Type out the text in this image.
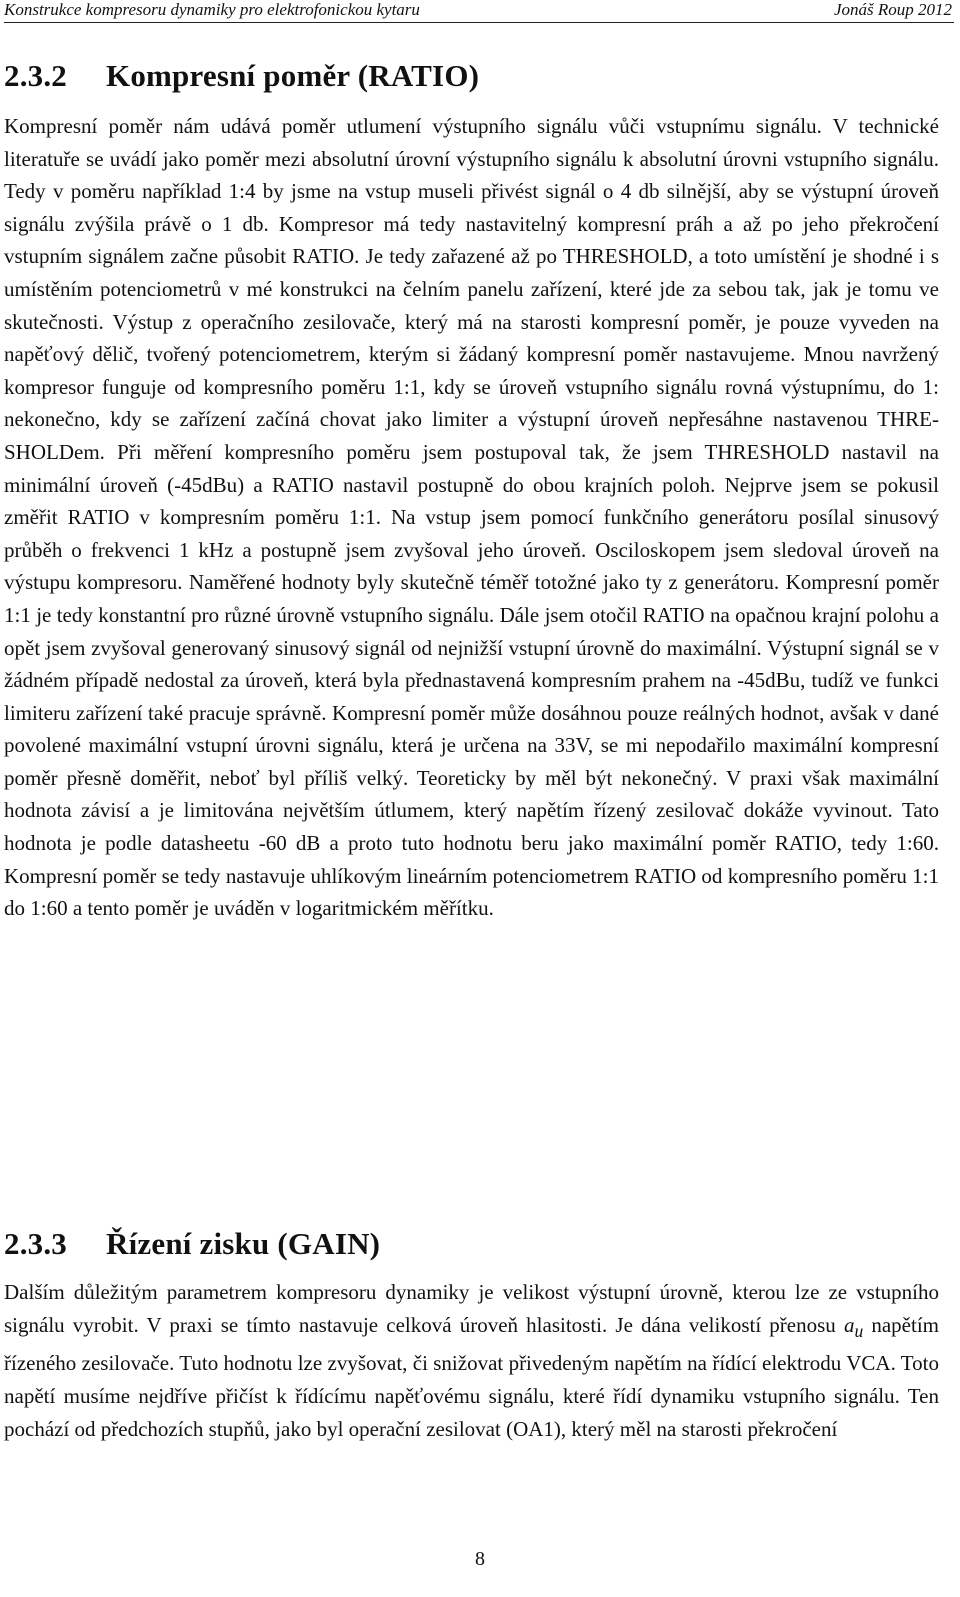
Konstrukce kompresoru dynamiky pro elektrofonickou kytaru	Jonáš Roup 2012
2.3.2 Kompresní poměr (RATIO)

Kompresní poměr nám udává poměr utlumení výstupního signálu vůči vstupnímu signálu. V technické literatuře se uvádí jako poměr mezi absolutní úrovní výstupního signálu k absolutní úrovni vstupního signálu. Tedy v poměru například 1:4 by jsme na vstup museli přivést signál o 4 db silnější, aby se výstupní úroveň signálu zvýšila právě o 1 db. Kompresor má tedy nastavitelný kompresní práh a až po jeho překročení vstupním signálem začne působit RATIO. Je tedy zařazené až po THRESHOLD, a toto umístění je shodné i s umístěním potenciometrů v mé konstrukci na čelním panelu zařízení, které jde za sebou tak, jak je tomu ve skutečnosti. Výstup z operačního zesilovače, který má na starosti kompresní poměr, je pouze vyveden na napěťový dělič, tvořený potenciometrem, kterým si žádaný kompresní poměr nastavujeme. Mnou navržený kompresor funguje od kompresního poměru 1:1, kdy se úroveň vstupního signálu rovná výstupnímu, do 1: nekonečno, kdy se zařízení začíná chovat jako limiter a výstupní úroveň nepřesáhne nastavenou THRESHOLDem. Při měření kompresního poměru jsem postupoval tak, že jsem THRESHOLD nastavil na minimální úroveň (-45dBu) a RATIO nastavil postupně do obou krajních poloh. Nejprve jsem se pokusil změřit RATIO v kompresním poměru 1:1. Na vstup jsem pomocí funkčního generátoru posílal sinusový průběh o frekvenci 1 kHz a postupně jsem zvyšoval jeho úroveň. Osciloskopem jsem sledoval úroveň na výstupu kompresoru. Naměřené hodnoty byly skutečně téměř totožné jako ty z generátoru. Kompresní poměr 1:1 je tedy konstantní pro různé úrovně vstupního signálu. Dále jsem otočil RATIO na opačnou krajní polohu a opět jsem zvyšoval generovaný sinusový signál od nejnižší vstupní úrovně do maximální. Výstupní signál se v žádném případě nedostal za úroveň, která byla přednastavená kompresním prahem na -45dBu, tudíž ve funkci limiteru zařízení také pracuje správně. Kompresní poměr může dosáhnou pouze reálných hodnot, avšak v dané povolené maximální vstupní úrovni signálu, která je určena na 33V, se mi nepodařilo maximální kompresní poměr přesně doměřit, neboť byl příliš velký. Teoreticky by měl být nekonečný. V praxi však maximální hodnota závisí a je limitována největším útlumem, který napětím řízený zesilovač dokáže vyvinout. Tato hodnota je podle datasheetu -60 dB a proto tuto hodnotu beru jako maximální poměr RATIO, tedy 1:60. Kompresní poměr se tedy nastavuje uhlíkovým lineárním potenciometrem RATIO od kompresního poměru 1:1 do 1:60 a tento poměr je uváděn v logaritmickém měřítku.

2.3.3 Řízení zisku (GAIN)

Dalším důležitým parametrem kompresoru dynamiky je velikost výstupní úrovně, kterou lze ze vstupního signálu vyrobit. V praxi se tímto nastavuje celková úroveň hlasitosti. Je dána velikostí přenosu $a_u$ napětím řízeného zesilovače. Tuto hodnotu lze zvyšovat, či snižovat přivedeným napětím na řídící elektrodu VCA. Toto napětí musíme nejdříve přičíst k řídícímu napěťovému signálu, které řídí dynamiku vstupního signálu. Ten pochází od předchozích stupňů, jako byl operační zesilovat (OA1), který měl na starosti překročení

8
